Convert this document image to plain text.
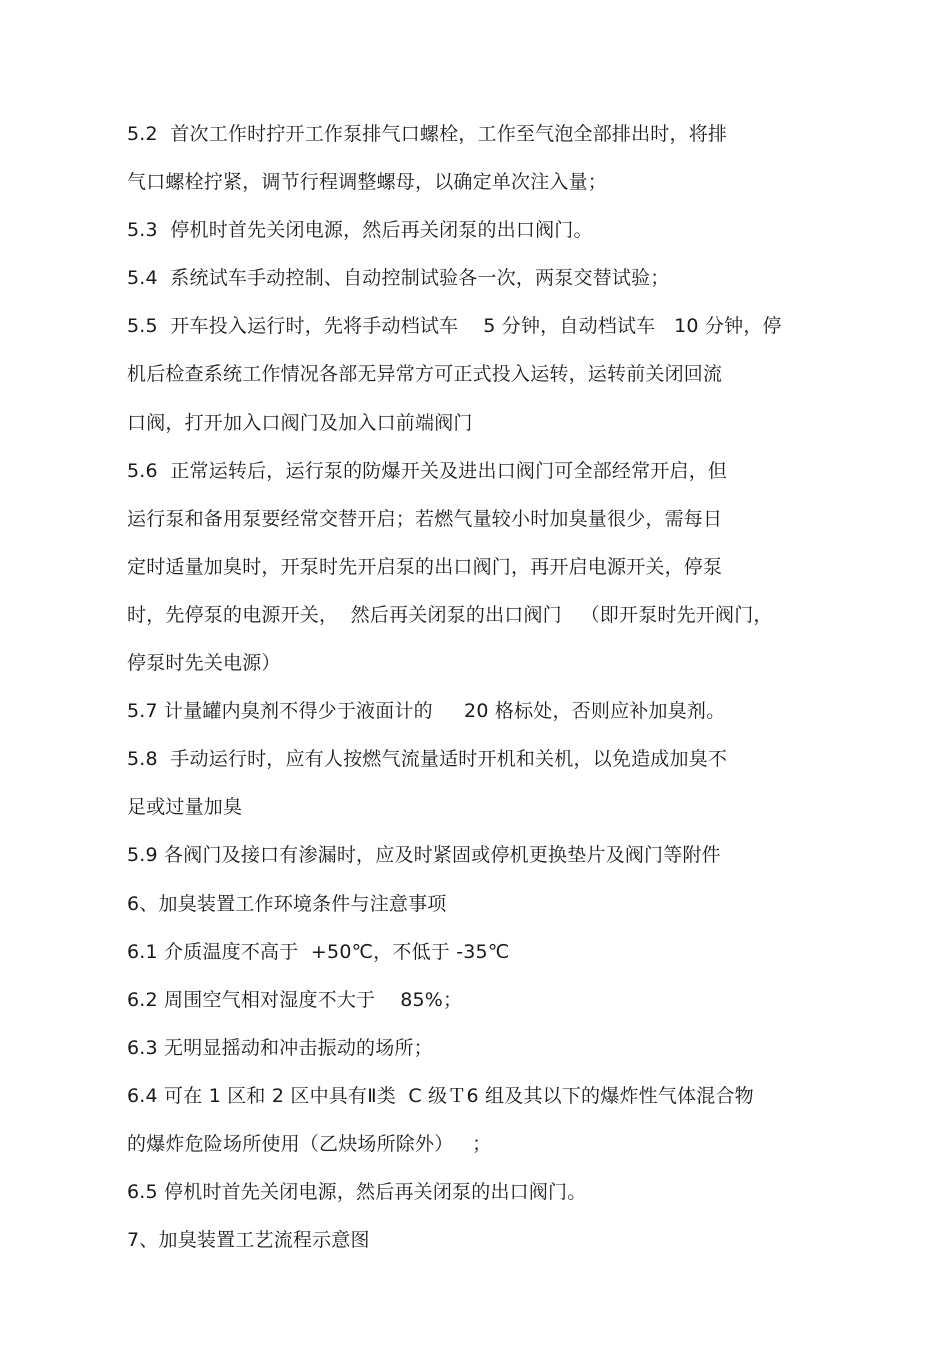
5.2  首次工作时拧开工作泵排气口螺栓，工作至气泡全部排出时，将排
气口螺栓拧紧，调节行程调整螺母，以确定单次注入量；
5.3  停机时首先关闭电源，然后再关闭泵的出口阀门。
5.4  系统试车手动控制、自动控制试验各一次，两泵交替试验；
5.5  开车投入运行时，先将手动档试车    5 分钟，自动档试车   10 分钟，停
机后检查系统工作情况各部无异常方可正式投入运转，运转前关闭回流
口阀，打开加入口阀门及加入口前端阀门
5.6  正常运转后，运行泵的防爆开关及进出口阀门可全部经常开启，但
运行泵和备用泵要经常交替开启；若燃气量较小时加臭量很少，需每日
定时适量加臭时，开泵时先开启泵的出口阀门，再开启电源开关，停泵
时，先停泵的电源开关，  然后再关闭泵的出口阀门   （即开泵时先开阀门，
停泵时先关电源）
5.7 计量罐内臭剂不得少于液面计的     20 格标处，否则应补加臭剂。
5.8  手动运行时，应有人按燃气流量适时开机和关机，以免造成加臭不
足或过量加臭
5.9 各阀门及接口有渗漏时，应及时紧固或停机更换垫片及阀门等附件
6、加臭装置工作环境条件与注意事项
6.1 介质温度不高于  +50℃，不低于 -35℃
6.2 周围空气相对湿度不大于    85%；
6.3 无明显摇动和冲击振动的场所；
6.4 可在 1 区和 2 区中具有Ⅱ类  C 级Ｔ6 组及其以下的爆炸性气体混合物
的爆炸危险场所使用（乙炔场所除外）   ；
6.5 停机时首先关闭电源，然后再关闭泵的出口阀门。
7、加臭装置工艺流程示意图
